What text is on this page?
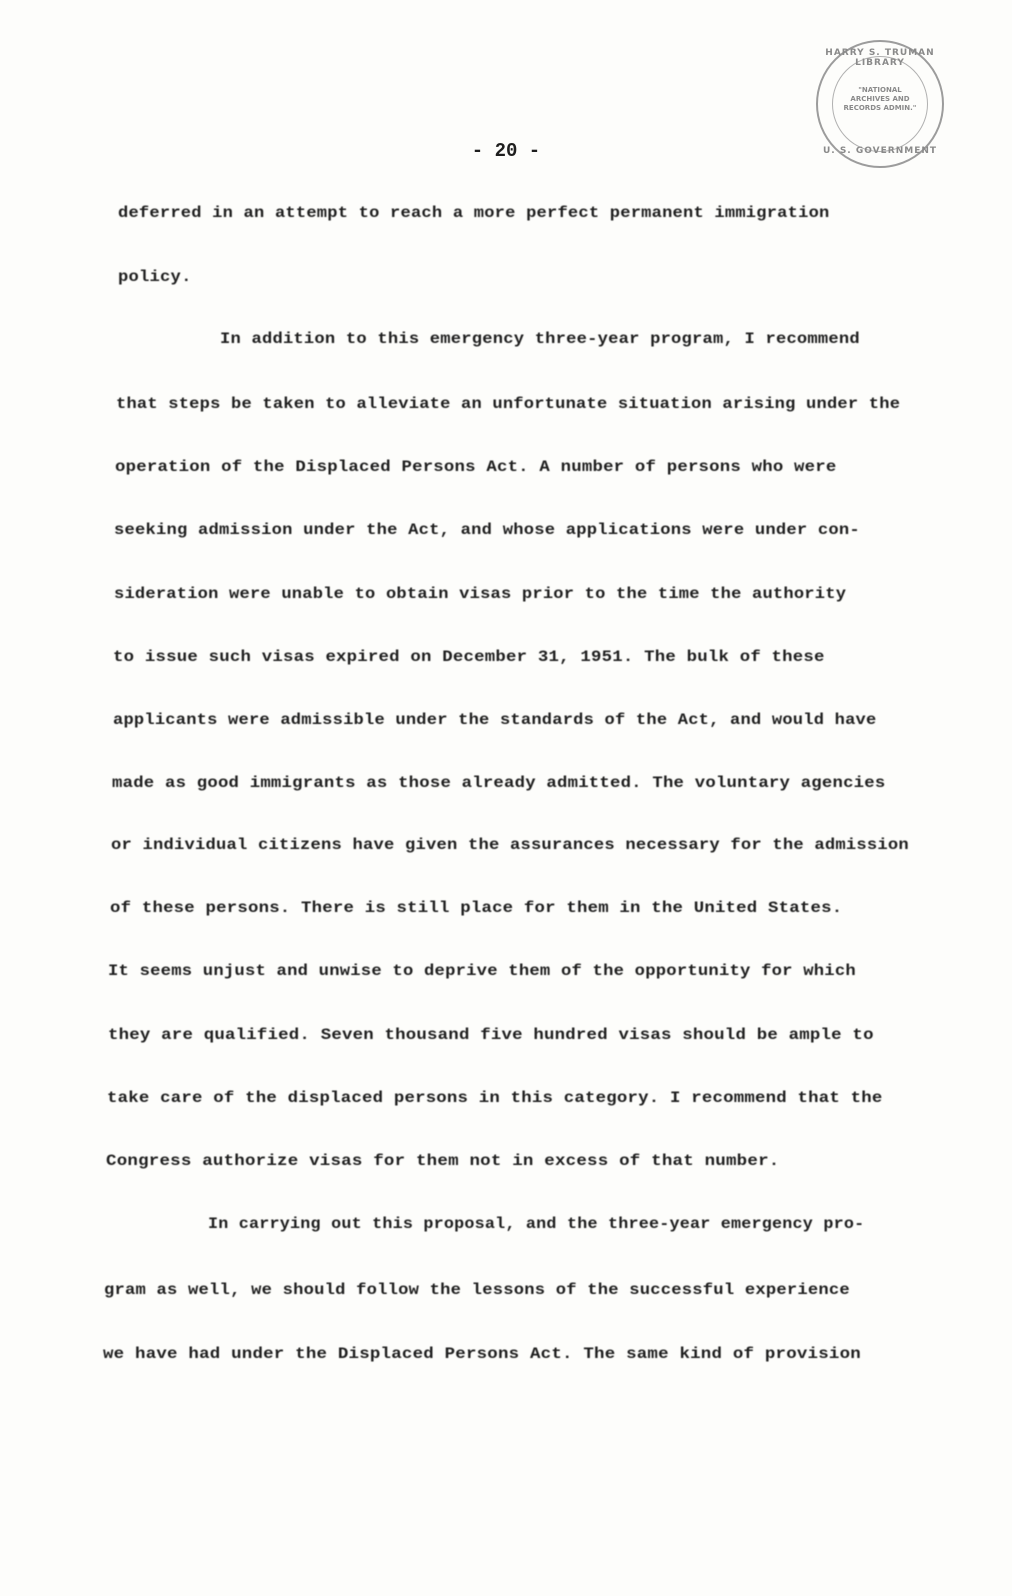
HARRY S. TRUMAN LIBRARY
"NATIONAL ARCHIVES AND RECORDS ADMIN."
U. S. GOVERNMENT
- 20 -
deferred in an attempt to reach a more perfect permanent immigration
policy.
In addition to this emergency three-year program, I recommend
that steps be taken to alleviate an unfortunate situation arising under the
operation of the Displaced Persons Act. A number of persons who were
seeking admission under the Act, and whose applications were under con-
sideration were unable to obtain visas prior to the time the authority
to issue such visas expired on December 31, 1951. The bulk of these
applicants were admissible under the standards of the Act, and would have
made as good immigrants as those already admitted. The voluntary agencies
or individual citizens have given the assurances necessary for the admission
of these persons. There is still place for them in the United States.
It seems unjust and unwise to deprive them of the opportunity for which
they are qualified. Seven thousand five hundred visas should be ample to
take care of the displaced persons in this category. I recommend that the
Congress authorize visas for them not in excess of that number.
In carrying out this proposal, and the three-year emergency pro-
gram as well, we should follow the lessons of the successful experience
we have had under the Displaced Persons Act. The same kind of provision
